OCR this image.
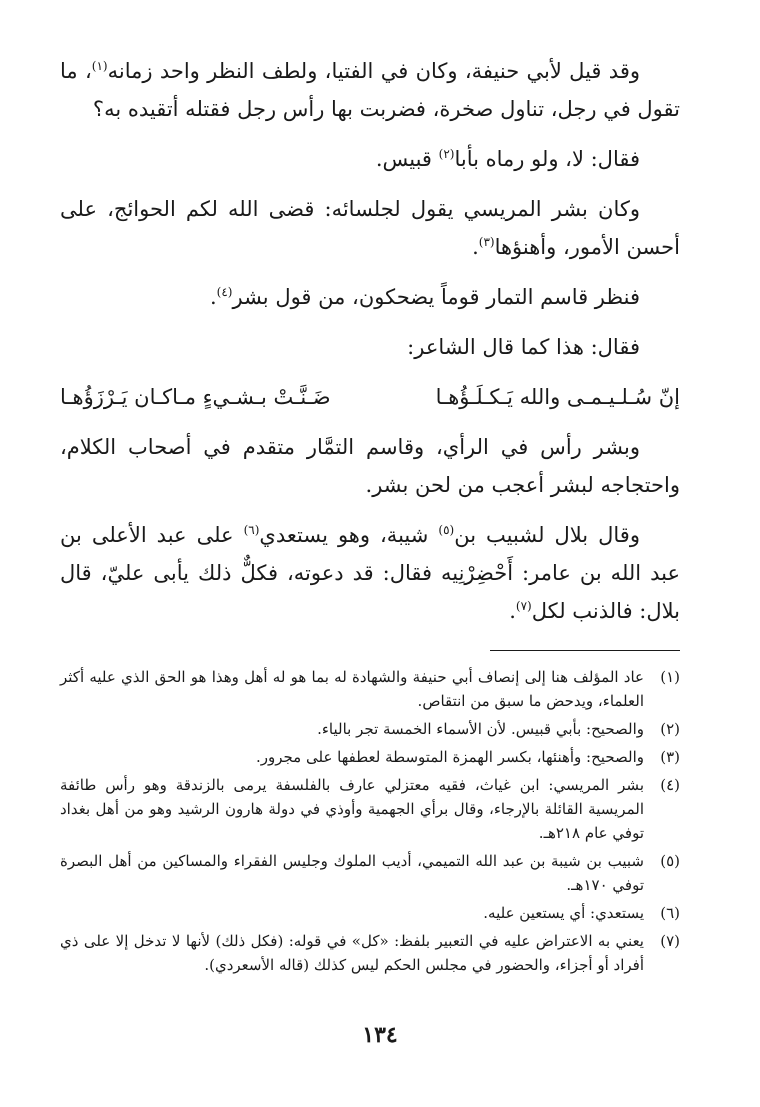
وقد قيل لأبي حنيفة، وكان في الفتيا، ولطف النظر واحد زمانه$^{(١)}$، ما تقول في رجل، تناول صخرة، فضربت بها رأس رجل فقتله أتقيده به؟

فقال: لا، ولو رماه بأبا$^{(٢)}$ قبيس.

وكان بشر المريسي يقول لجلسائه: قضى الله لكم الحوائج، على أحسن الأمور، وأهنؤها$^{(٣)}$.

فنظر قاسم التمار قوماً يضحكون، من قول بشر$^{(٤)}$.

فقال: هذا كما قال الشاعر:

إنّ سُـلـيـمـى والله يَـكـلَـؤُهـا
ضَـنَّـتْ بـشـيءٍ مـاكـان يَـرْزَؤُهـا

وبشر رأس في الرأي، وقاسم التمَّار متقدم في أصحاب الكلام، واحتجاجه لبشر أعجب من لحن بشر.

وقال بلال لشبيب بن$^{(٥)}$ شيبة، وهو يستعدي$^{(٦)}$ على عبد الأعلى بن عبد الله بن عامر: أَحْضِرْنِيه فقال: قد دعوته، فكلٌّ ذلك يأبى عليّ، قال بلال: فالذنب لكل$^{(٧)}$.

(١)
عاد المؤلف هنا إلى إنصاف أبي حنيفة والشهادة له بما هو له أهل وهذا هو الحق الذي عليه أكثر العلماء، ويدحض ما سبق من انتقاص.
(٢)
والصحيح: بأبي قبيس. لأن الأسماء الخمسة تجر بالياء.
(٣)
والصحيح: وأهنئها، بكسر الهمزة المتوسطة لعطفها على مجرور.
(٤)
بشر المريسي: ابن غياث، فقيه معتزلي عارف بالفلسفة يرمى بالزندقة وهو رأس طائفة المريسية القائلة بالإرجاء، وقال برأي الجهمية وأوذي في دولة هارون الرشيد وهو من أهل بغداد توفي عام ٢١٨هـ.
(٥)
شبيب بن شيبة بن عبد الله التميمي، أديب الملوك وجليس الفقراء والمساكين من أهل البصرة توفي ١٧٠هـ.
(٦)
يستعدي: أي يستعين عليه.
(٧)
يعني به الاعتراض عليه في التعبير بلفظ: «كل» في قوله: (فكل ذلك) لأنها لا تدخل إلا على ذي أفراد أو أجزاء، والحضور في مجلس الحكم ليس كذلك (قاله الأسعردي).
١٣٤
